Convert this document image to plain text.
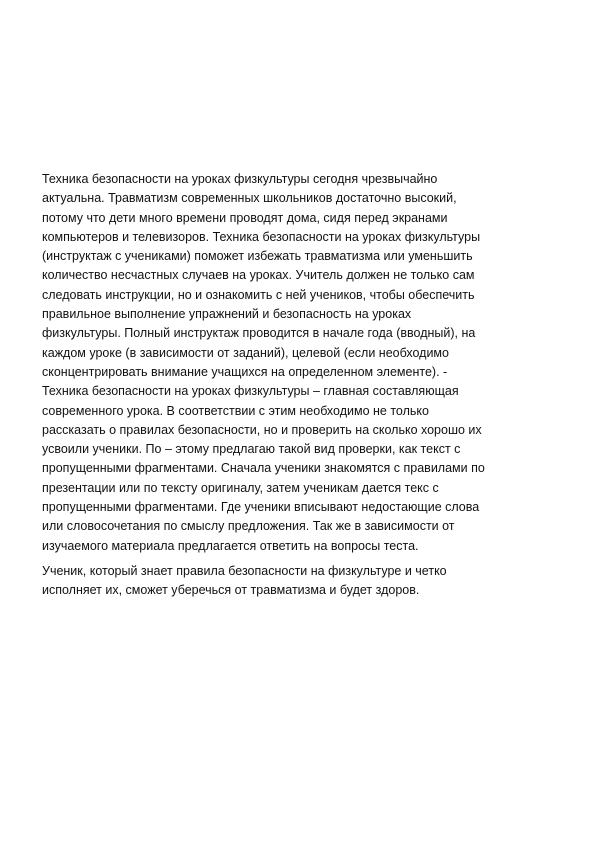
Техника безопасности на уроках физкультуры сегодня чрезвычайно
актуальна. Травматизм современных школьников достаточно высокий,
потому что дети много времени проводят дома, сидя перед экранами
компьютеров и телевизоров. Техника безопасности на уроках физкультуры
(инструктаж с учениками) поможет избежать травматизма или уменьшить
количество несчастных случаев на уроках. Учитель должен не только сам
следовать инструкции, но и ознакомить с ней учеников, чтобы обеспечить
правильное выполнение упражнений и безопасность на уроках
физкультуры. Полный инструктаж проводится в начале года (вводный), на
каждом уроке (в зависимости от заданий), целевой (если необходимо
сконцентрировать внимание учащихся на определенном элементе). -
Техника безопасности на уроках физкультуры – главная составляющая
современного урока. В соответствии с этим необходимо не только
рассказать о правилах безопасности, но и проверить на сколько хорошо их
усвоили ученики. По – этому предлагаю такой вид проверки, как текст с
пропущенными фрагментами. Сначала ученики знакомятся с правилами по
презентации или по тексту оригиналу, затем ученикам дается текс с
пропущенными фрагментами. Где ученики вписывают недостающие слова
или словосочетания по смыслу предложения. Так же в зависимости от
изучаемого материала предлагается ответить на вопросы теста.
Ученик, который знает правила безопасности на физкультуре и четко
исполняет их, сможет уберечься от травматизма и будет здоров.
